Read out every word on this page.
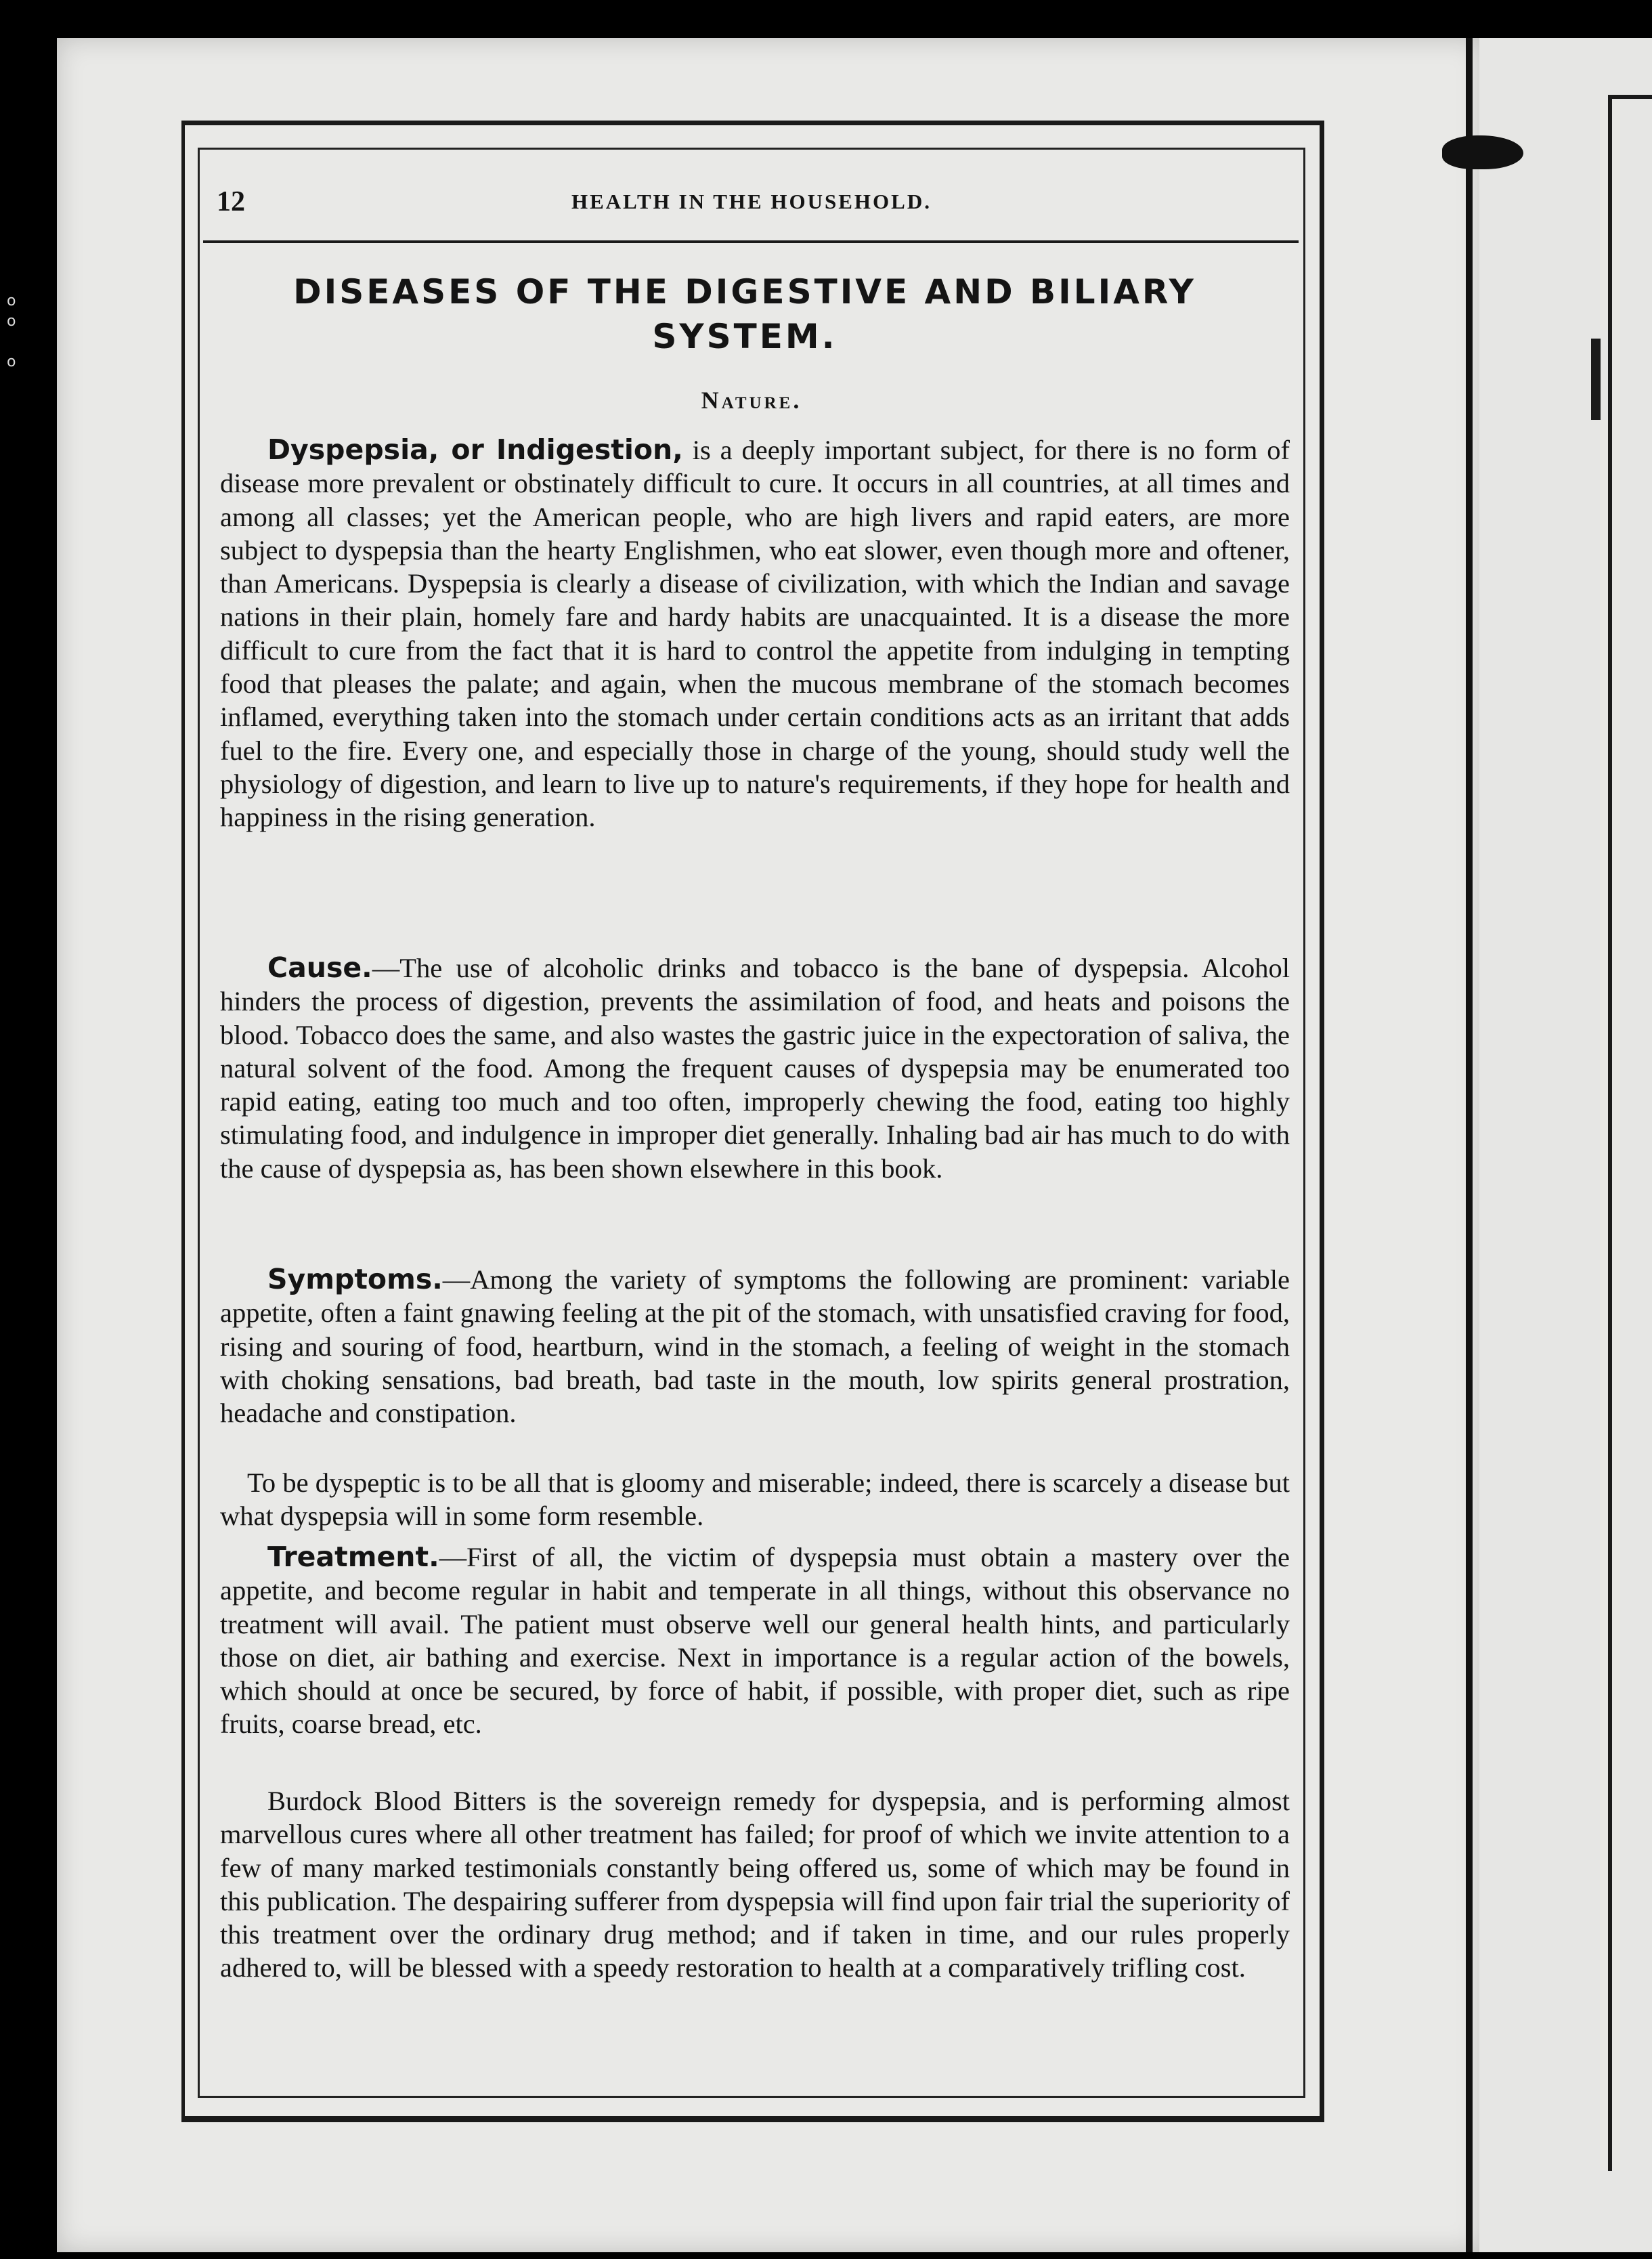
o
o

o
12	HEALTH IN THE HOUSEHOLD.
DISEASES OF THE DIGESTIVE AND BILIARY
SYSTEM.
Nature.

Dyspepsia, or Indigestion, is a deeply important subject, for there is no form of disease more prevalent or obstinately difficult to cure. It occurs in all countries, at all times and among all classes; yet the American people, who are high livers and rapid eaters, are more subject to dyspepsia than the hearty Englishmen, who eat slower, even though more and oftener, than Americans. Dyspepsia is clearly a disease of civilization, with which the Indian and savage nations in their plain, homely fare and hardy habits are unacquainted. It is a disease the more difficult to cure from the fact that it is hard to control the appetite from indulging in tempting food that pleases the palate; and again, when the mucous membrane of the stomach becomes inflamed, everything taken into the stomach under certain conditions acts as an irritant that adds fuel to the fire. Every one, and especially those in charge of the young, should study well the physiology of digestion, and learn to live up to nature's requirements, if they hope for health and happiness in the rising generation.

Cause.—The use of alcoholic drinks and tobacco is the bane of dyspepsia. Alcohol hinders the process of digestion, prevents the assimilation of food, and heats and poisons the blood. Tobacco does the same, and also wastes the gastric juice in the expectoration of saliva, the natural solvent of the food. Among the frequent causes of dyspepsia may be enumerated too rapid eating, eating too much and too often, improperly chewing the food, eating too highly stimulating food, and indulgence in improper diet generally. Inhaling bad air has much to do with the cause of dyspepsia as, has been shown elsewhere in this book.

Symptoms.—Among the variety of symptoms the following are prominent: variable appetite, often a faint gnawing feeling at the pit of the stomach, with unsatisfied craving for food, rising and souring of food, heartburn, wind in the stomach, a feeling of weight in the stomach with choking sensations, bad breath, bad taste in the mouth, low spirits general prostration, headache and constipation.

To be dyspeptic is to be all that is gloomy and miserable; indeed, there is scarcely a disease but what dyspepsia will in some form resemble.

Treatment.—First of all, the victim of dyspepsia must obtain a mastery over the appetite, and become regular in habit and temperate in all things, without this observance no treatment will avail. The patient must observe well our general health hints, and particularly those on diet, air bathing and exercise. Next in importance is a regular action of the bowels, which should at once be secured, by force of habit, if possible, with proper diet, such as ripe fruits, coarse bread, etc.

Burdock Blood Bitters is the sovereign remedy for dyspepsia, and is performing almost marvellous cures where all other treatment has failed; for proof of which we invite attention to a few of many marked testimonials constantly being offered us, some of which may be found in this publication. The despairing sufferer from dyspepsia will find upon fair trial the superiority of this treatment over the ordinary drug method; and if taken in time, and our rules properly adhered to, will be blessed with a speedy restoration to health at a comparatively trifling cost.
